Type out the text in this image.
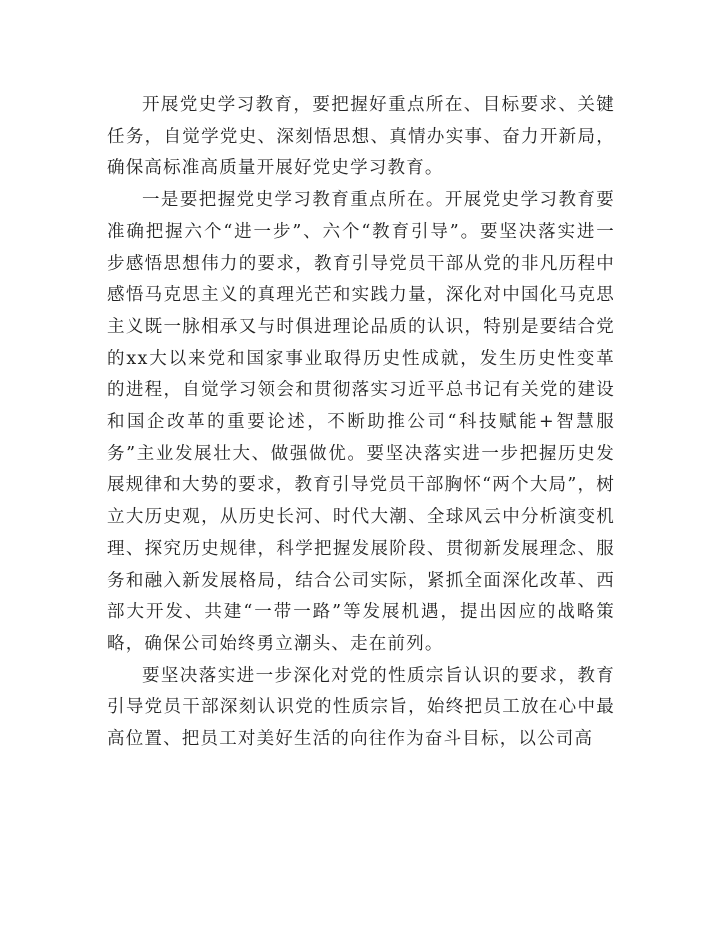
开展党史学习教育，要把握好重点所在、目标要求、关键任务，自觉学党史、深刻悟思想、真情办实事、奋力开新局，确保高标准高质量开展好党史学习教育。

一是要把握党史学习教育重点所在。开展党史学习教育要准确把握六个“进一步”、六个“教育引导”。要坚决落实进一步感悟思想伟力的要求，教育引导党员干部从党的非凡历程中感悟马克思主义的真理光芒和实践力量，深化对中国化马克思主义既一脉相承又与时俱进理论品质的认识，特别是要结合党的xx大以来党和国家事业取得历史性成就，发生历史性变革的进程，自觉学习领会和贯彻落实习近平总书记有关党的建设和国企改革的重要论述，不断助推公司“科技赋能+智慧服务”主业发展壮大、做强做优。要坚决落实进一步把握历史发展规律和大势的要求，教育引导党员干部胸怀“两个大局”，树立大历史观，从历史长河、时代大潮、全球风云中分析演变机理、探究历史规律，科学把握发展阶段、贯彻新发展理念、服务和融入新发展格局，结合公司实际，紧抓全面深化改革、西部大开发、共建“一带一路”等发展机遇，提出因应的战略策略，确保公司始终勇立潮头、走在前列。

要坚决落实进一步深化对党的性质宗旨认识的要求，教育引导党员干部深刻认识党的性质宗旨，始终把员工放在心中最高位置、把员工对美好生活的向往作为奋斗目标，以公司高
